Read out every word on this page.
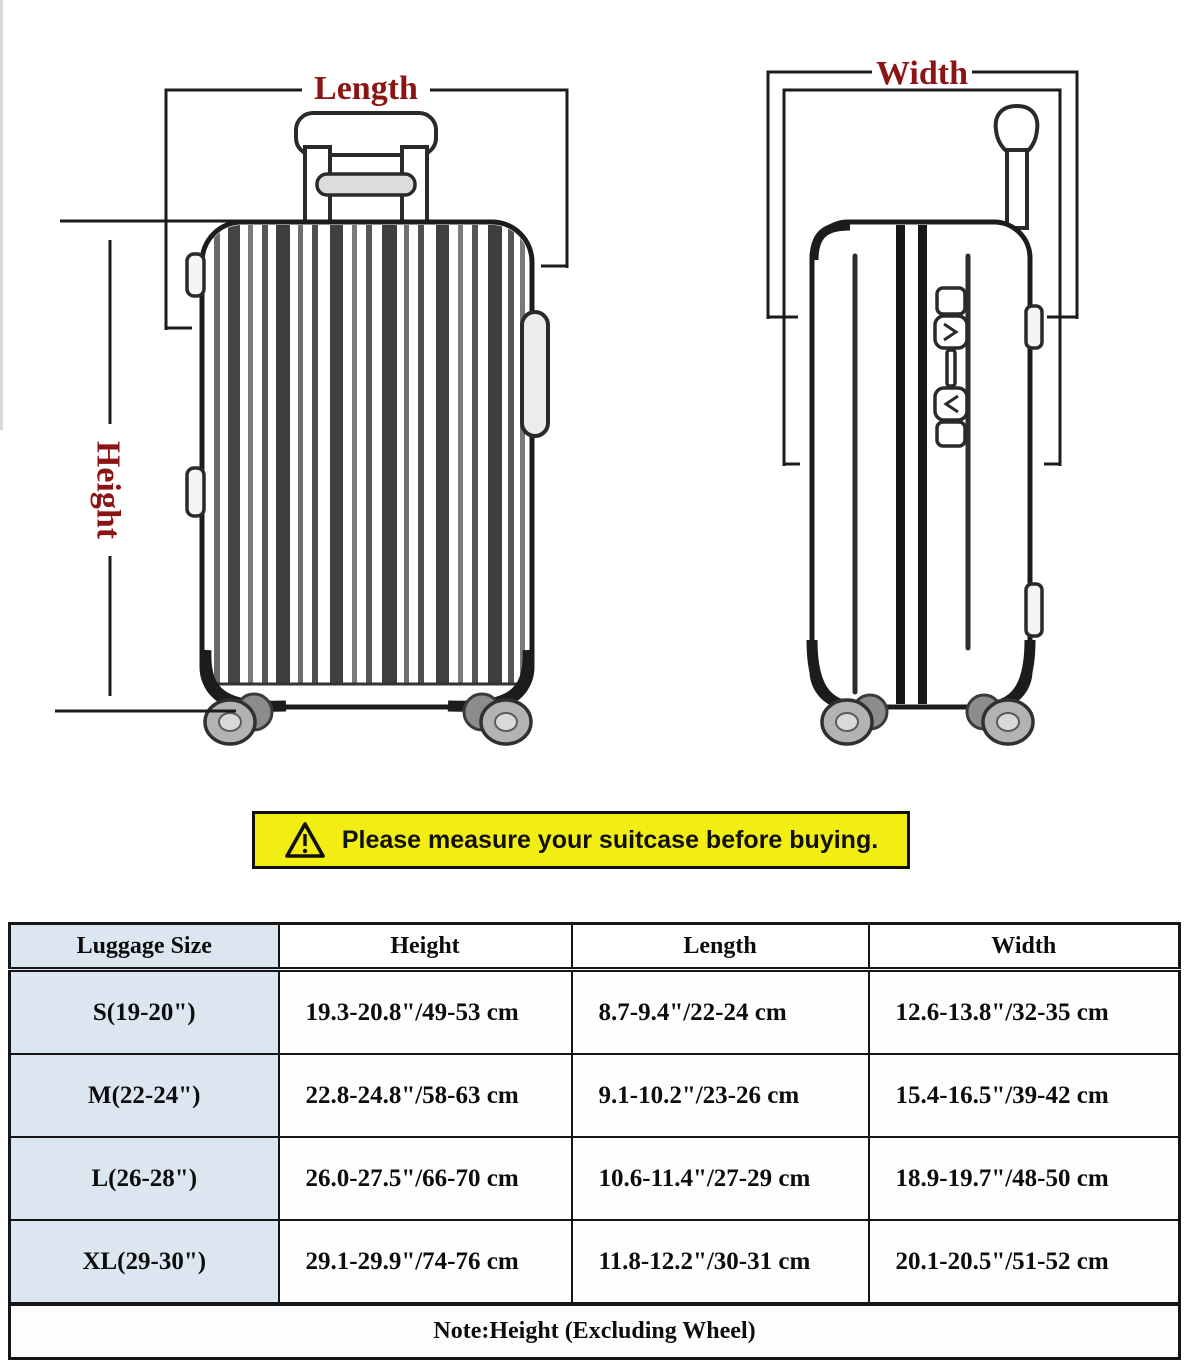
Length
Height
Width
Please measure your suitcase before buying.
Luggage Size	Height	Length	Width
S(19-20")	19.3-20.8"/49-53 cm	8.7-9.4"/22-24 cm	12.6-13.8"/32-35 cm
M(22-24")	22.8-24.8"/58-63 cm	9.1-10.2"/23-26 cm	15.4-16.5"/39-42 cm
L(26-28")	26.0-27.5"/66-70 cm	10.6-11.4"/27-29 cm	18.9-19.7"/48-50 cm
XL(29-30")	29.1-29.9"/74-76 cm	11.8-12.2"/30-31 cm	20.1-20.5"/51-52 cm
Note:Height (Excluding Wheel)			
